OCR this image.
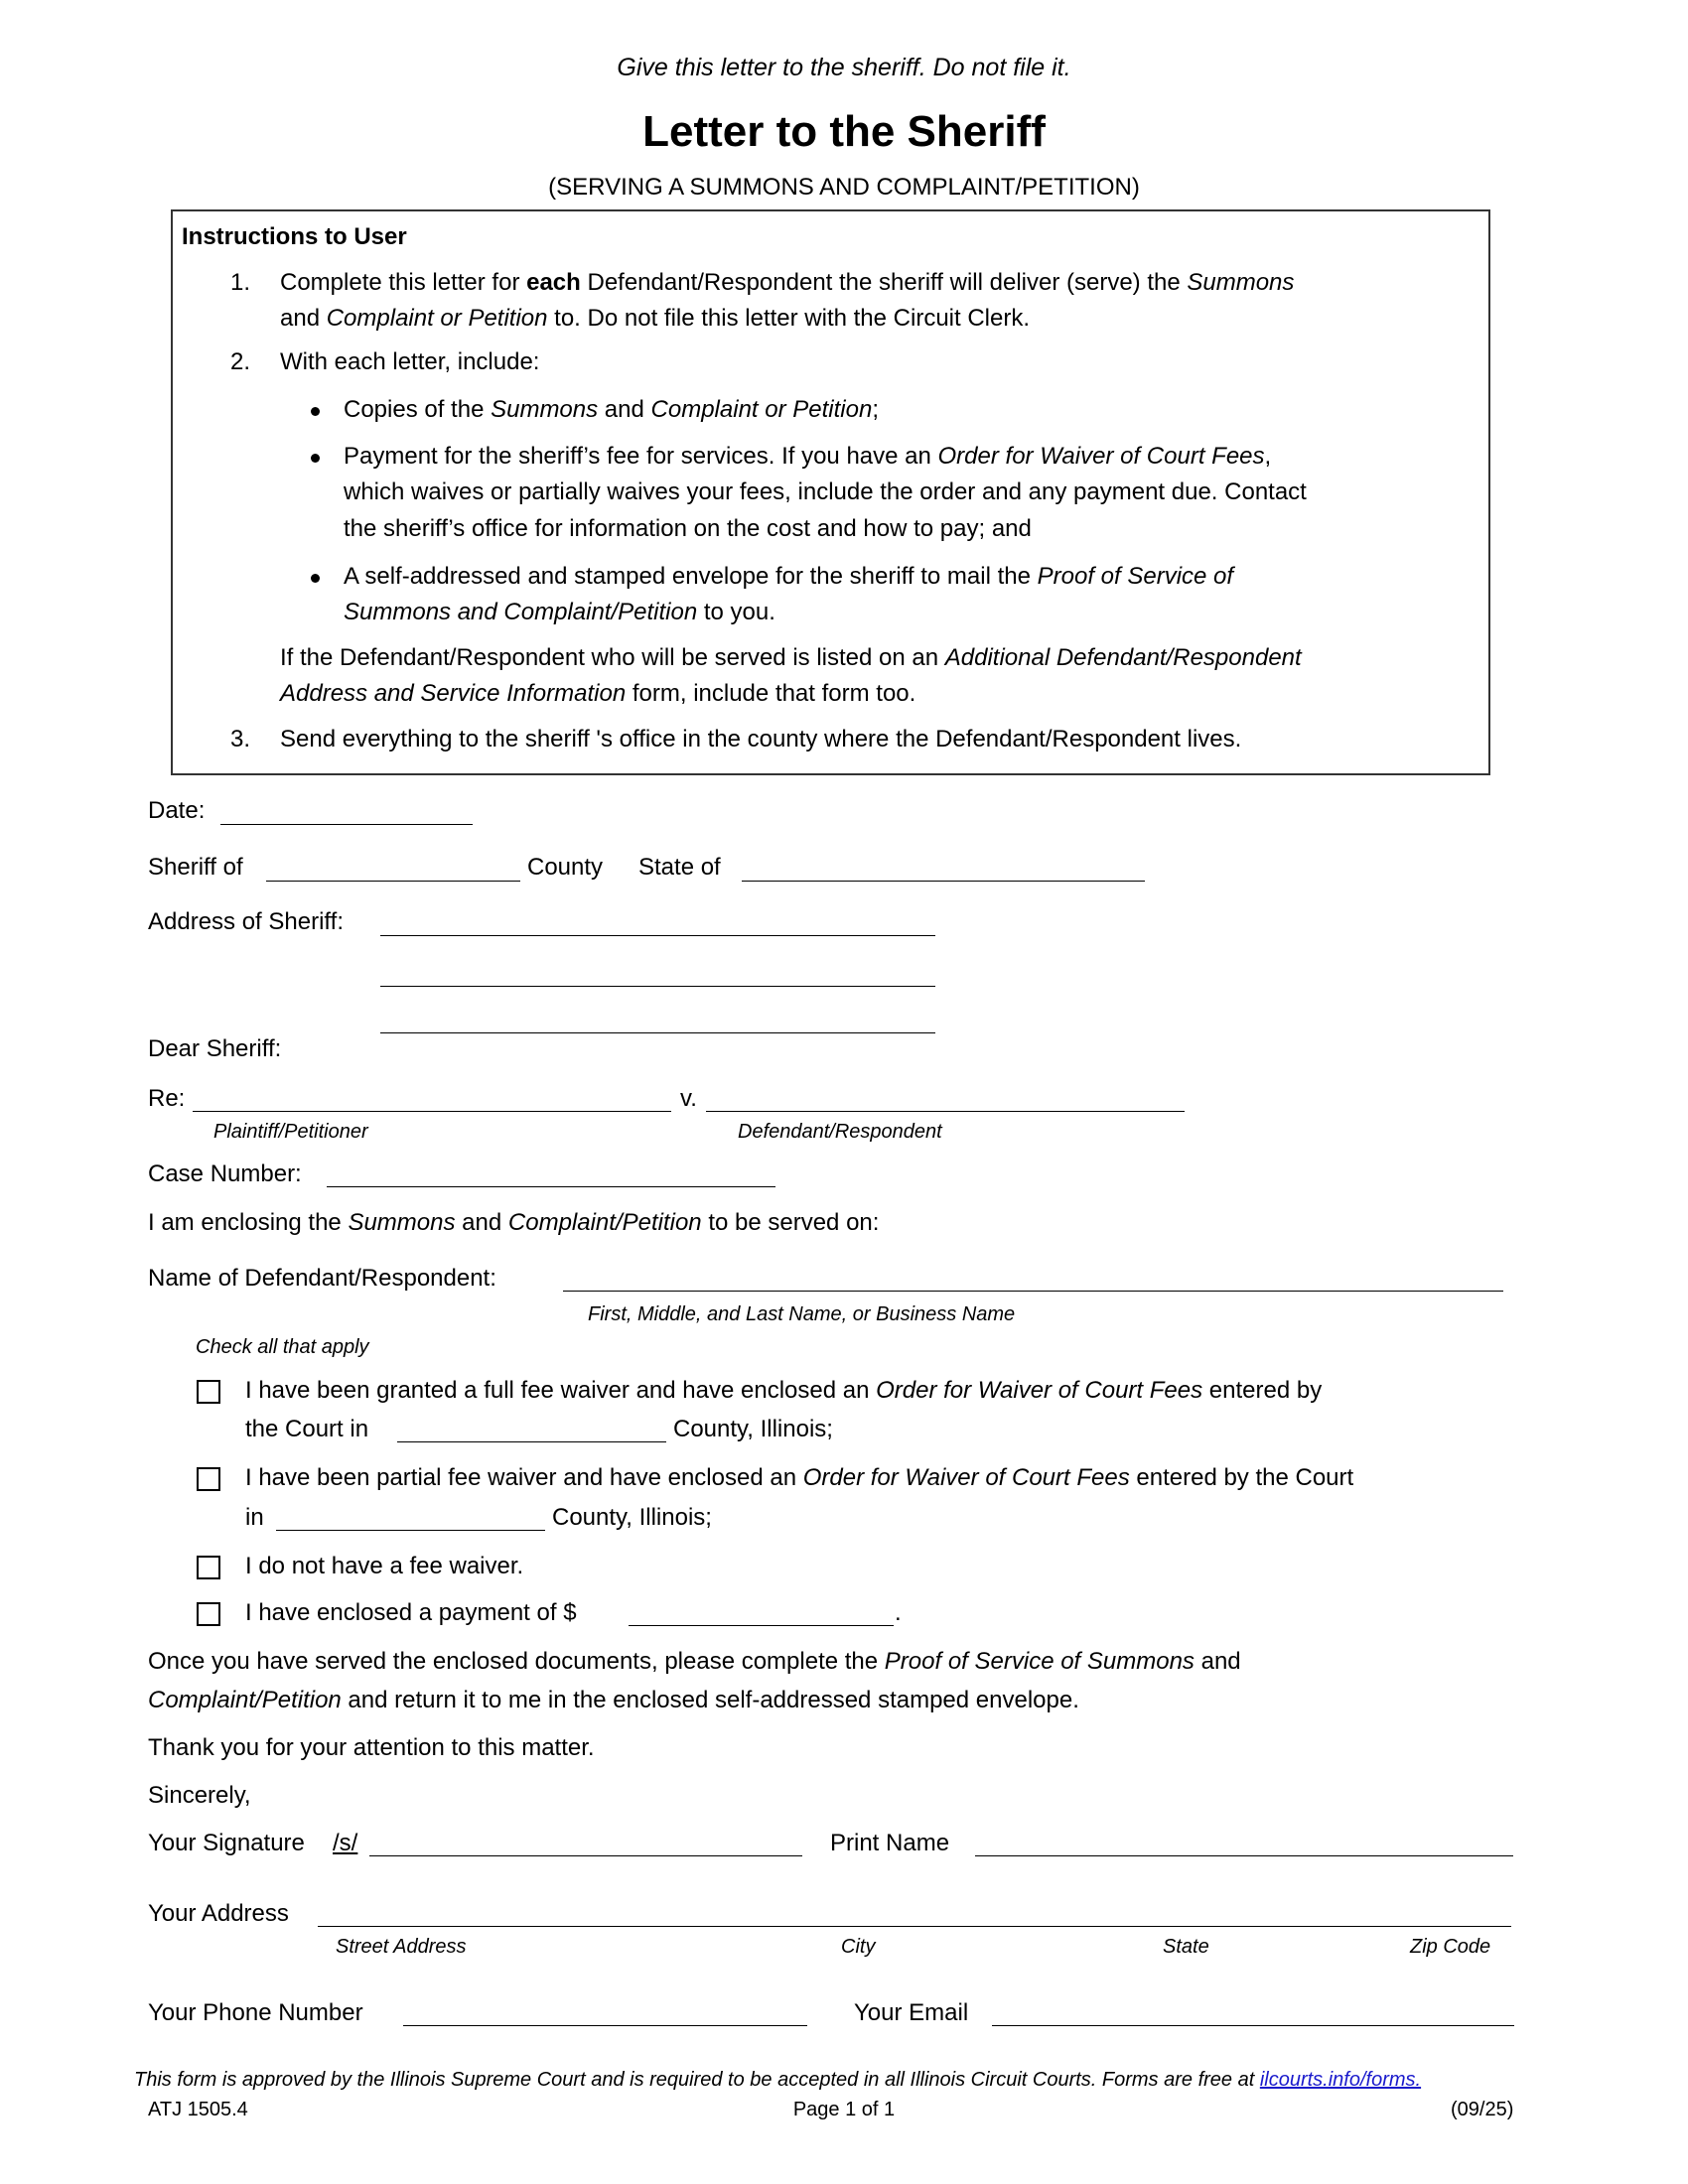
Give this letter to the sheriff. Do not file it.
Letter to the Sheriff
(SERVING A SUMMONS AND COMPLAINT/PETITION)
Instructions to User
1. Complete this letter for each Defendant/Respondent the sheriff will deliver (serve) the Summons
and Complaint or Petition to. Do not file this letter with the Circuit Clerk.
2. With each letter, include:
Copies of the Summons and Complaint or Petition;
Payment for the sheriff’s fee for services. If you have an Order for Waiver of Court Fees,
which waives or partially waives your fees, include the order and any payment due. Contact
the sheriff’s office for information on the cost and how to pay; and
A self-addressed and stamped envelope for the sheriff to mail the Proof of Service of
Summons and Complaint/Petition to you.
If the Defendant/Respondent who will be served is listed on an Additional Defendant/Respondent
Address and Service Information form, include that form too.
3. Send everything to the sheriff 's office in the county where the Defendant/Respondent lives.
Date:
Sheriff of	County State of
Address of Sheriff:
Dear Sheriff:
Re:	v.
Plaintiff/Petitioner	Defendant/Respondent
Case Number:
I am enclosing the Summons and Complaint/Petition to be served on:
Name of Defendant/Respondent:
First, Middle, and Last Name, or Business Name
Check all that apply
I have been granted a full fee waiver and have enclosed an Order for Waiver of Court Fees entered by
the Court in	County, Illinois;
I have been partial fee waiver and have enclosed an Order for Waiver of Court Fees entered by the Court
in	County, Illinois;
I do not have a fee waiver.
I have enclosed a payment of $	.
Once you have served the enclosed documents, please complete the Proof of Service of Summons and
Complaint/Petition and return it to me in the enclosed self-addressed stamped envelope.
Thank you for your attention to this matter.
Sincerely,
Your Signature /s/	Print Name
Your Address
Street Address	City	State	Zip Code
Your Phone Number	Your Email
This form is approved by the Illinois Supreme Court and is required to be accepted in all Illinois Circuit Courts. Forms are free at ilcourts.info/forms.
ATJ 1505.4	Page 1 of 1	(09/25)
